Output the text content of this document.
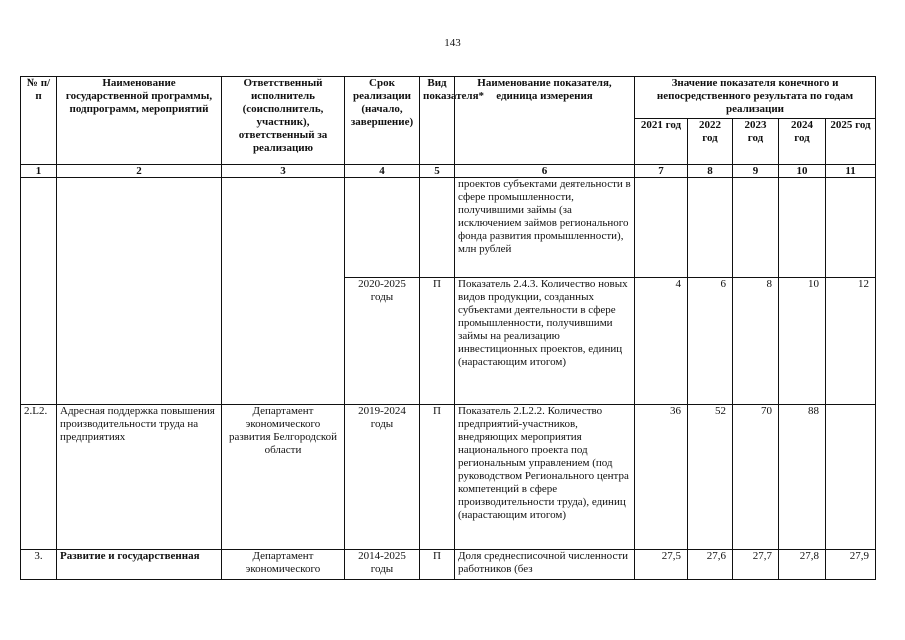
143
№ п/п	Наименование государственной программы, подпрограмм, мероприятий	Ответственный исполнитель (соисполнитель, участник), ответственный за реализацию	Срок реализации (начало, завершение)	Вид показателя*	Наименование показателя, единица измерения	Значение показателя конечного и непосредственного результата по годам реализации				
						2021 год	2022 год	2023 год	2024 год	2025 год
1	2	3	4	5	6	7	8	9	10	11
					проектов субъектами деятельности в сфере промышленности, получившими займы (за исключением займов регионального фонда развития промышленности), млн рублей					
			2020-2025 годы	П	Показатель 2.4.3. Количество новых видов продукции, созданных субъектами деятельности в сфере промышленности, получившими займы на реализацию инвестиционных проектов, единиц (нарастающим итогом)	4	6	8	10	12
2.L2.	Адресная поддержка повышения производительности труда на предприятиях	Департамент экономического развития Белгородской области	2019-2024 годы	П	Показатель 2.L2.2. Количество предприятий-участников, внедряющих мероприятия национального проекта под региональным управлением (под руководством Регионального центра компетенций в сфере производительности труда), единиц (нарастающим итогом)	36	52	70	88	
3.	Развитие и государственная	Департамент экономического	2014-2025 годы	П	Доля среднесписочной численности работников (без	27,5	27,6	27,7	27,8	27,9
